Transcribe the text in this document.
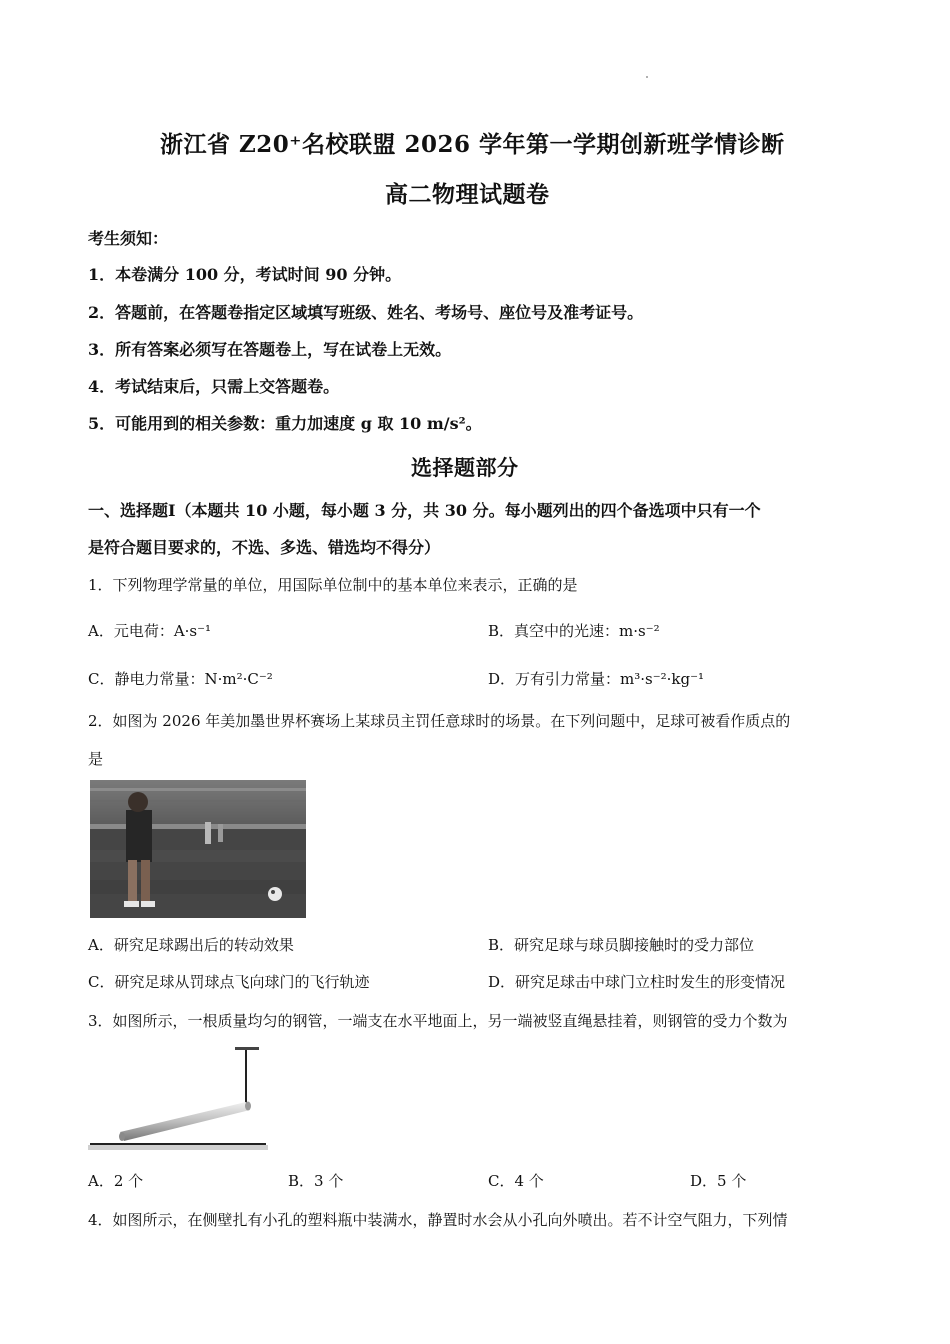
浙江省 Z20⁺名校联盟 2026 学年第一学期创新班学情诊断
高二物理试题卷
考生须知：
1．本卷满分 100 分，考试时间 90 分钟。
2．答题前，在答题卷指定区域填写班级、姓名、考场号、座位号及准考证号。
3．所有答案必须写在答题卷上，写在试卷上无效。
4．考试结束后，只需上交答题卷。
5．可能用到的相关参数：重力加速度 g 取 10 m/s²。
选择题部分
一、选择题Ⅰ（本题共 10 小题，每小题 3 分，共 30 分。每小题列出的四个备选项中只有一个
是符合题目要求的，不选、多选、错选均不得分）
1．下列物理学常量的单位，用国际单位制中的基本单位来表示，正确的是
A．元电荷：A·s⁻¹	B．真空中的光速：m·s⁻²
C．静电力常量：N·m²·C⁻²	D．万有引力常量：m³·s⁻²·kg⁻¹
2．如图为 2026 年美加墨世界杯赛场上某球员主罚任意球时的场景。在下列问题中，足球可被看作质点的
是
A．研究足球踢出后的转动效果	B．研究足球与球员脚接触时的受力部位
C．研究足球从罚球点飞向球门的飞行轨迹	D．研究足球击中球门立柱时发生的形变情况
3．如图所示，一根质量均匀的钢管，一端支在水平地面上，另一端被竖直绳悬挂着，则钢管的受力个数为
A．2 个	B．3 个	C．4 个	D．5 个
4．如图所示，在侧壁扎有小孔的塑料瓶中装满水，静置时水会从小孔向外喷出。若不计空气阻力，下列情
